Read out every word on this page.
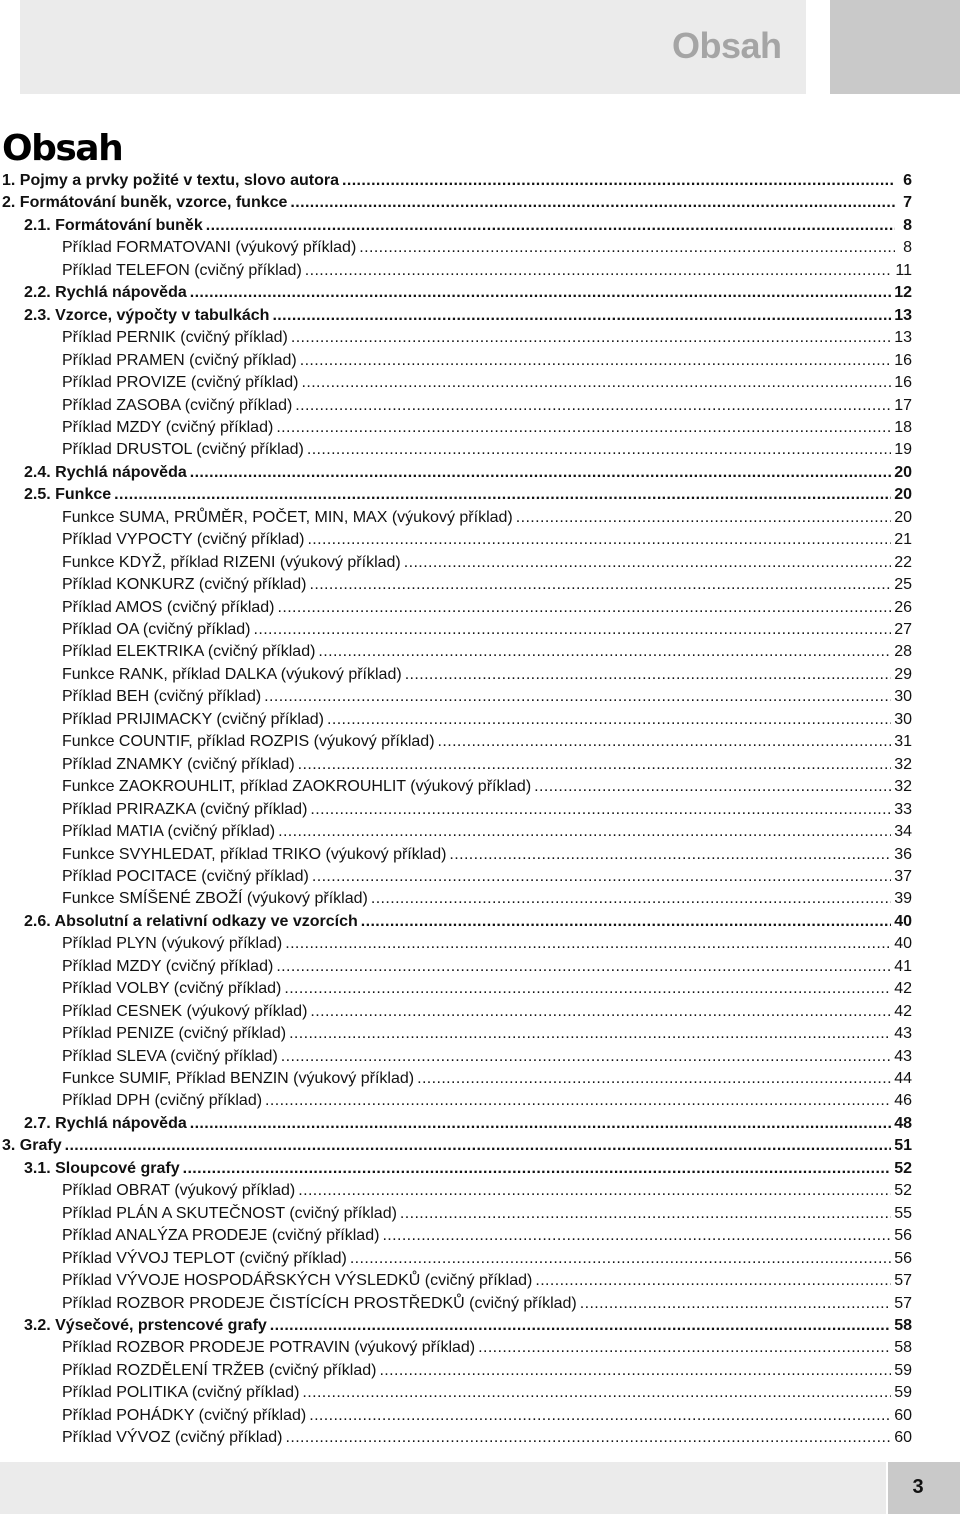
Obsah
Obsah
1. Pojmy a prvky požité v textu, slovo autora .....	6
2. Formátování buněk, vzorce, funkce .....	7
2.1. Formátování buněk .....	8
Příklad FORMATOVANI (výukový příklad) .....	8
Příklad TELEFON (cvičný příklad) .....	11
2.2. Rychlá nápověda .....	12
2.3. Vzorce, výpočty v tabulkách .....	13
Příklad PERNIK (cvičný příklad) .....	13
Příklad PRAMEN (cvičný příklad) .....	16
Příklad PROVIZE (cvičný příklad) .....	16
Příklad ZASOBA (cvičný příklad) .....	17
Příklad MZDY (cvičný příklad) .....	18
Příklad DRUSTOL (cvičný příklad) .....	19
2.4. Rychlá nápověda .....	20
2.5. Funkce .....	20
Funkce SUMA, PRŮMĚR, POČET, MIN, MAX (výukový příklad) .....	20
Příklad VYPOCTY (cvičný příklad) .....	21
Funkce KDYŽ, příklad RIZENI (výukový příklad) .....	22
Příklad KONKURZ (cvičný příklad) .....	25
Příklad AMOS (cvičný příklad) .....	26
Příklad OA (cvičný příklad) .....	27
Příklad ELEKTRIKA (cvičný příklad) .....	28
Funkce RANK, příklad DALKA (výukový příklad) .....	29
Příklad BEH (cvičný příklad) .....	30
Příklad PRIJIMACKY (cvičný příklad) .....	30
Funkce COUNTIF, příklad ROZPIS (výukový příklad) .....	31
Příklad ZNAMKY (cvičný příklad) .....	32
Funkce ZAOKROUHLIT, příklad ZAOKROUHLIT (výukový příklad) .....	32
Příklad PRIRAZKA (cvičný příklad) .....	33
Příklad MATIA (cvičný příklad) .....	34
Funkce SVYHLEDAT, příklad TRIKO (výukový příklad) .....	36
Příklad POCITACE (cvičný příklad) .....	37
Funkce SMÍŠENÉ ZBOŽÍ (výukový příklad) .....	39
2.6. Absolutní a relativní odkazy ve vzorcích .....	40
Příklad PLYN (výukový příklad) .....	40
Příklad MZDY (cvičný příklad) .....	41
Příklad VOLBY (cvičný příklad) .....	42
Příklad CESNEK (výukový příklad) .....	42
Příklad PENIZE (cvičný příklad) .....	43
Příklad SLEVA (cvičný příklad) .....	43
Funkce SUMIF, Příklad BENZIN (výukový příklad) .....	44
Příklad DPH (cvičný příklad) .....	46
2.7. Rychlá nápověda .....	48
3. Grafy .....	51
3.1. Sloupcové grafy .....	52
Příklad OBRAT (výukový příklad) .....	52
Příklad PLÁN A SKUTEČNOST (cvičný příklad) .....	55
Příklad ANALÝZA PRODEJE (cvičný příklad) .....	56
Příklad VÝVOJ TEPLOT (cvičný příklad) .....	56
Příklad VÝVOJE HOSPODÁŘSKÝCH VÝSLEDKŮ (cvičný příklad) .....	57
Příklad ROZBOR PRODEJE ČISTÍCÍCH PROSTŘEDKŮ (cvičný příklad) .....	57
3.2. Výsečové, prstencové grafy .....	58
Příklad ROZBOR PRODEJE POTRAVIN (výukový příklad) .....	58
Příklad ROZDĚLENÍ TRŽEB (cvičný příklad) .....	59
Příklad POLITIKA (cvičný příklad) .....	59
Příklad POHÁDKY (cvičný příklad) .....	60
Příklad VÝVOZ (cvičný příklad) .....	60
3
